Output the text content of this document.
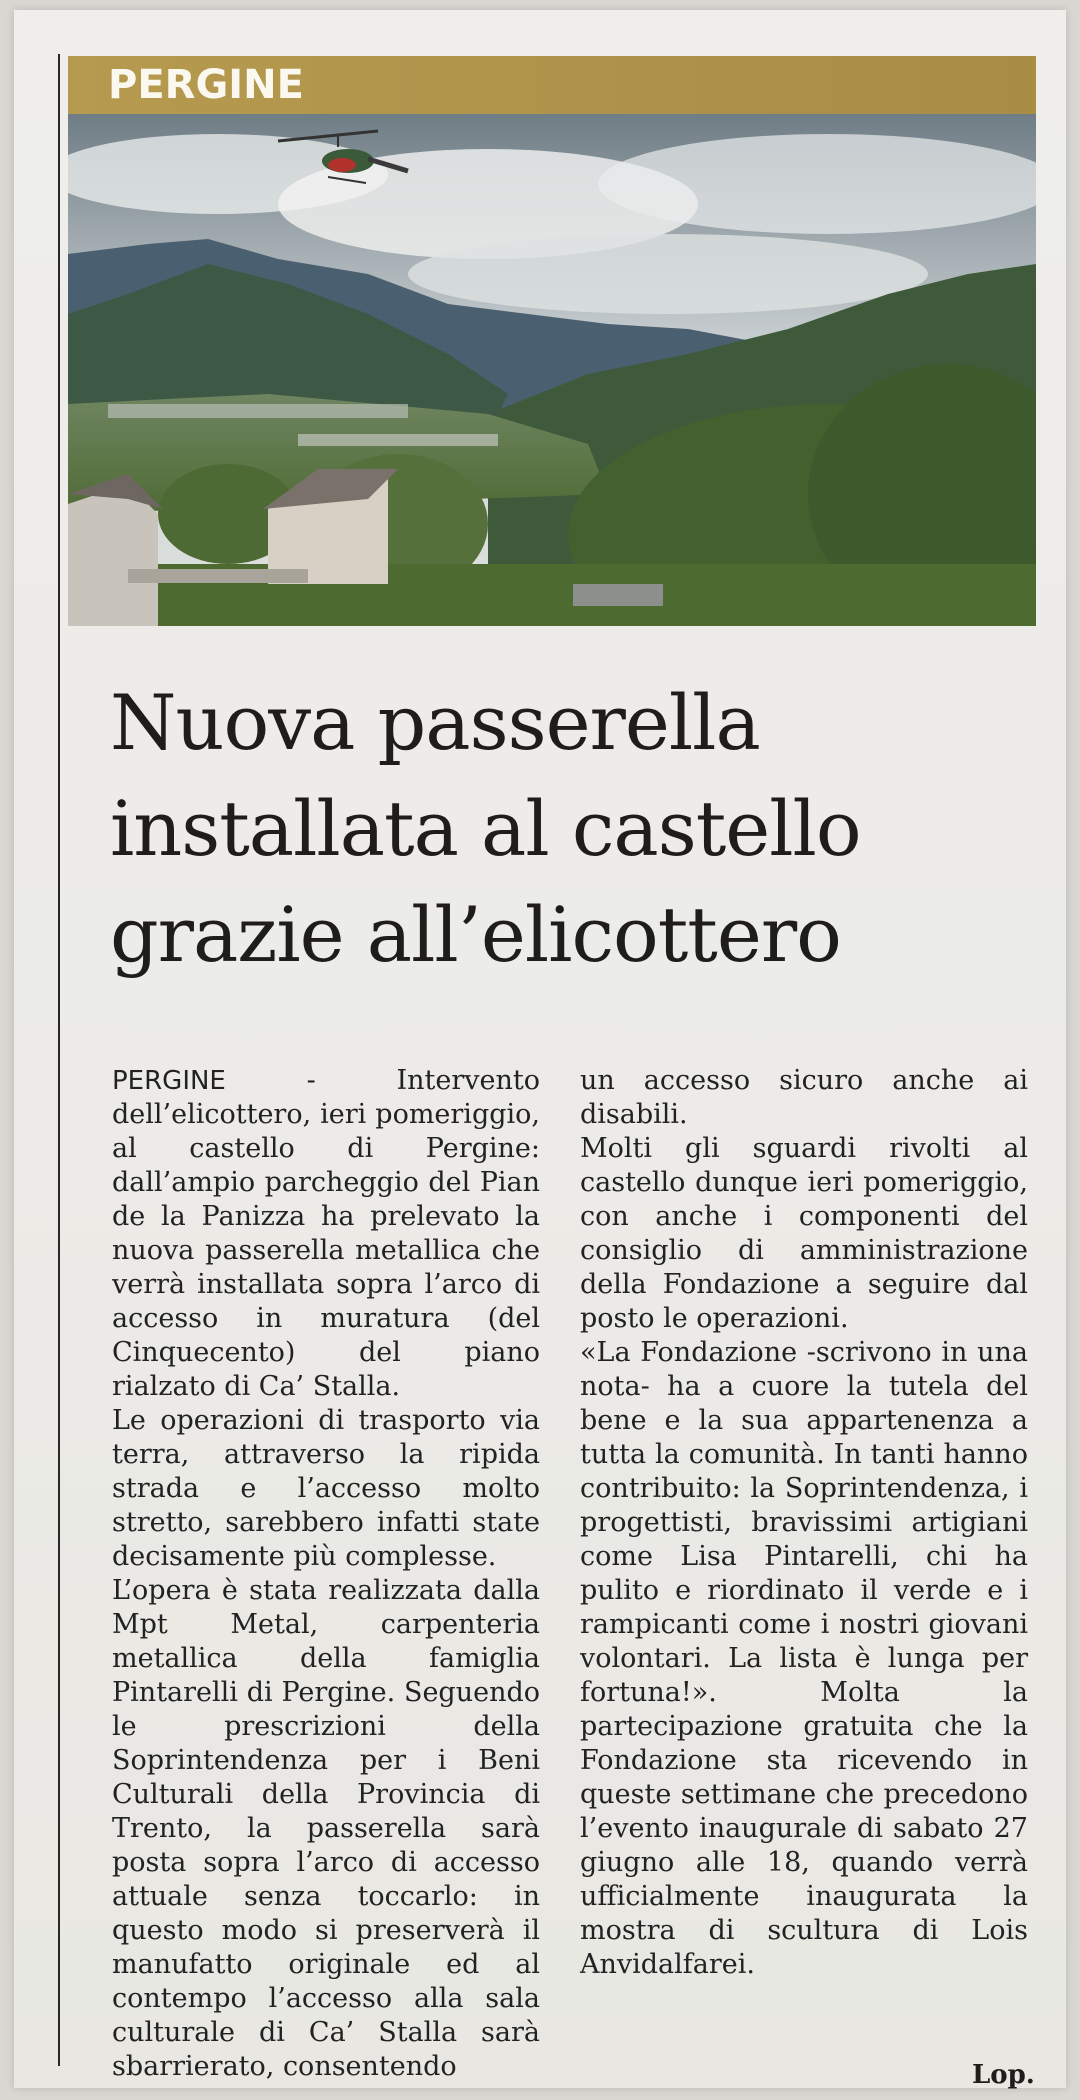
PERGINE
Nuova passerella
installata al castello
grazie all’elicottero

PERGINE	- Intervento dell’elicottero, ieri pomeriggio, al castello di Pergine: dall’ampio parcheggio del Pian de la Panizza ha prelevato la nuova passerella metallica che verrà installata sopra l’arco di accesso in muratura (del Cinquecento) del piano rialzato di Ca’ Stalla.

Le operazioni di trasporto via terra, attraverso la ripida strada e l’accesso molto stretto, sarebbero infatti state decisamente più complesse.

L’opera è stata realizzata dalla Mpt Metal, carpenteria metallica della famiglia Pintarelli di Pergine. Seguendo le prescrizioni della Soprintendenza per i Beni Culturali della Provincia di Trento, la passerella sarà posta sopra l’arco di accesso attuale senza toccarlo: in questo modo si preserverà il manufatto originale ed al contempo l’accesso alla sala culturale di Ca’ Stalla sarà sbarrierato, consentendo

un accesso sicuro anche ai disabili.

Molti gli sguardi rivolti al castello dunque ieri pomeriggio, con anche i componenti del consiglio di amministrazione della Fondazione a seguire dal posto le operazioni.

«La Fondazione -scrivono in una nota- ha a cuore la tutela del bene e la sua appartenenza a tutta la comunità. In tanti hanno contribuito: la Soprintendenza, i progettisti, bravissimi artigiani come Lisa Pintarelli, chi ha pulito e riordinato il verde e i rampicanti come i nostri giovani volontari. La lista è lunga per fortuna!». Molta la partecipazione gratuita che la Fondazione sta ricevendo in queste settimane che precedono l’evento inaugurale di sabato 27 giugno alle 18, quando verrà ufficialmente inaugurata la mostra di scultura di Lois Anvidalfarei.

Lop.
